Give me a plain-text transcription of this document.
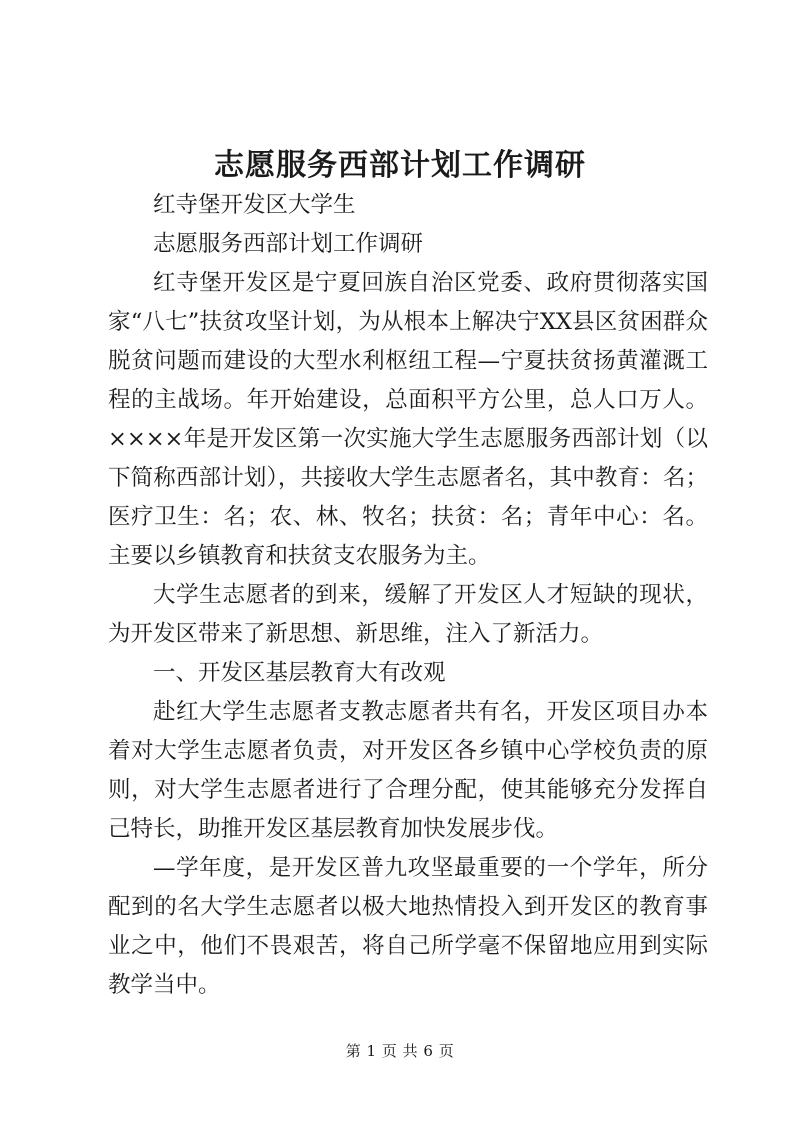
志愿服务西部计划工作调研

红寺堡开发区大学生

志愿服务西部计划工作调研

红寺堡开发区是宁夏回族自治区党委、政府贯彻落实国家“八七”扶贫攻坚计划，为从根本上解决宁XX县区贫困群众脱贫问题而建设的大型水利枢纽工程—宁夏扶贫扬黄灌溉工程的主战场。年开始建设，总面积平方公里，总人口万人。××××年是开发区第一次实施大学生志愿服务西部计划（以下简称西部计划），共接收大学生志愿者名，其中教育：名；医疗卫生：名；农、林、牧名；扶贫：名；青年中心：名。主要以乡镇教育和扶贫支农服务为主。

大学生志愿者的到来，缓解了开发区人才短缺的现状，为开发区带来了新思想、新思维，注入了新活力。

一、开发区基层教育大有改观

赴红大学生志愿者支教志愿者共有名，开发区项目办本着对大学生志愿者负责，对开发区各乡镇中心学校负责的原则，对大学生志愿者进行了合理分配，使其能够充分发挥自己特长，助推开发区基层教育加快发展步伐。

—学年度，是开发区普九攻坚最重要的一个学年，所分配到的名大学生志愿者以极大地热情投入到开发区的教育事业之中，他们不畏艰苦，将自己所学毫不保留地应用到实际教学当中。

第 1 页 共 6 页
